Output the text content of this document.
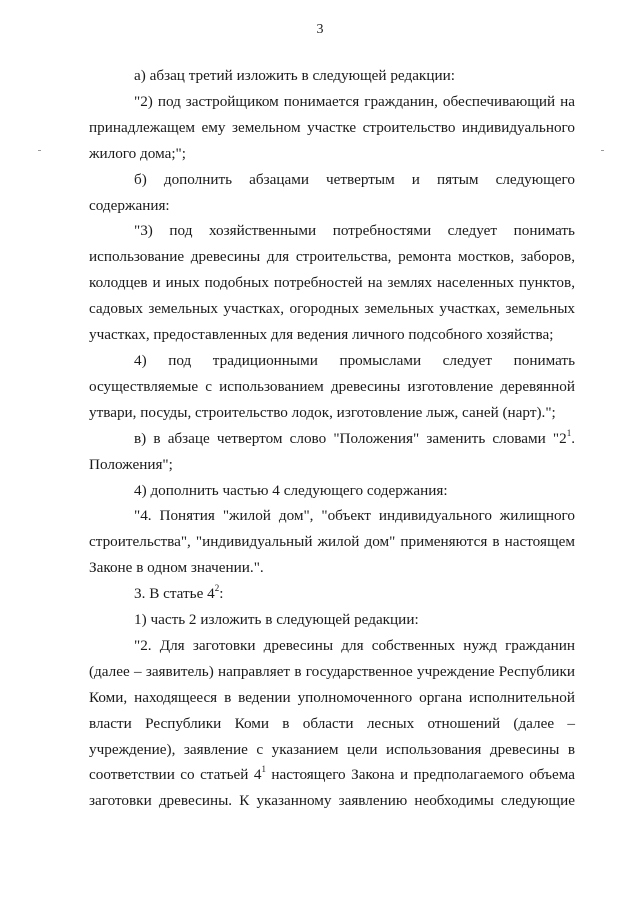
3

а) абзац третий изложить в следующей редакции:

"2) под застройщиком понимается гражданин, обеспечивающий на принадлежащем ему земельном участке строительство индивидуального жилого дома;";

б) дополнить абзацами четвертым и пятым следующего содержания:

"3) под хозяйственными потребностями следует понимать использование древесины для строительства, ремонта мостков, заборов, колодцев и иных подобных потребностей на землях населенных пунктов, садовых земельных участках, огородных земельных участках, земельных участках, предоставленных для ведения личного подсобного хозяйства;

4) под традиционными промыслами следует понимать осуществляемые с использованием древесины изготовление деревянной утвари, посуды, строительство лодок, изготовление лыж, саней (нарт).";

в) в абзаце четвертом слово "Положения" заменить словами "$2^1$. Положения";

4) дополнить частью 4 следующего содержания:

"4. Понятия "жилой дом", "объект индивидуального жилищного строительства", "индивидуальный жилой дом" применяются в настоящем Законе в одном значении.".

3. В статье $4^2$:

1) часть 2 изложить в следующей редакции:

"2. Для заготовки древесины для собственных нужд гражданин (далее – заявитель) направляет в государственное учреждение Республики Коми, находящееся в ведении уполномоченного органа исполнительной власти Республики Коми в области лесных отношений (далее – учреждение), заявление с указанием цели использования древесины в соответствии со статьей $4^1$ настоящего Закона и предполагаемого объема заготовки древесины. К указанному заявлению необходимы следующие
